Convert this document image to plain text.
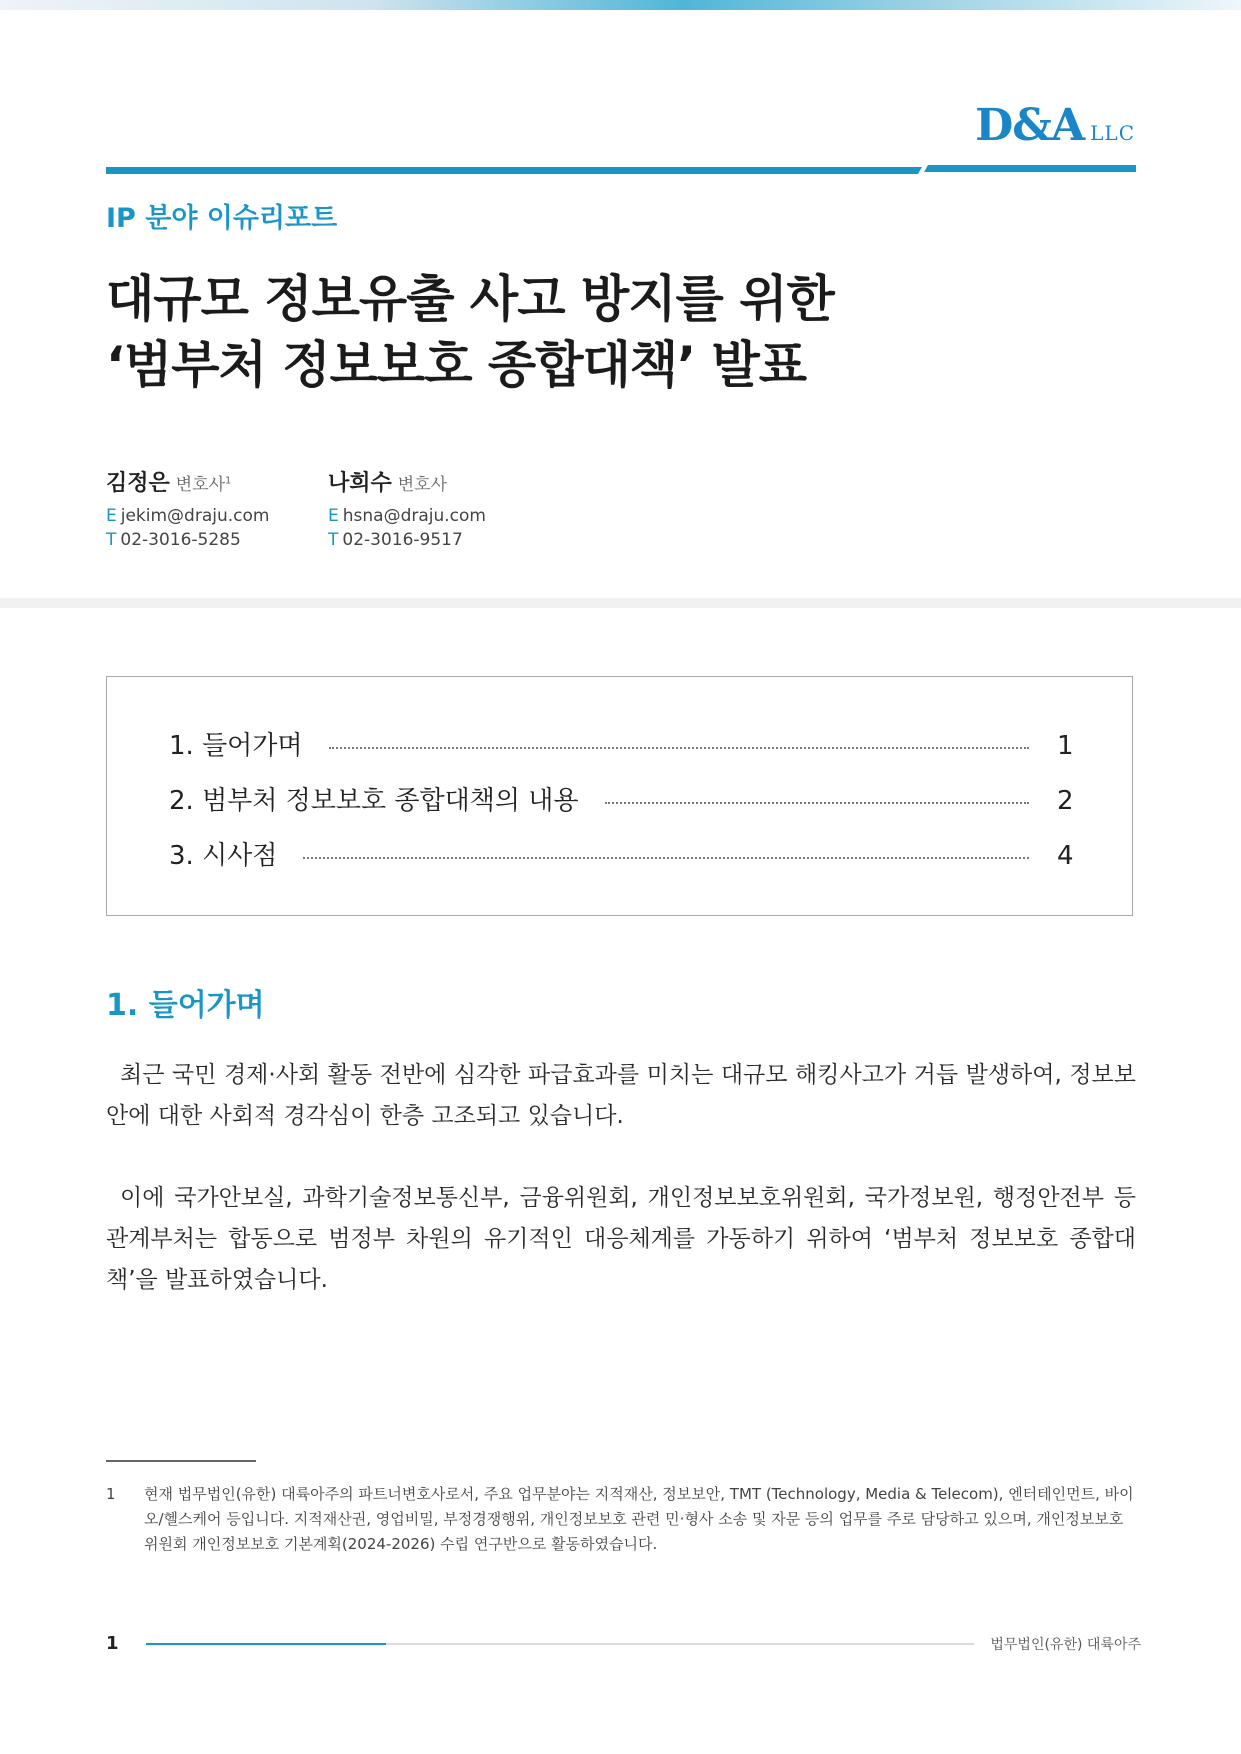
D&A LLC
IP 분야 이슈리포트
대규모 정보유출 사고 방지를 위한
‘범부처 정보보호 종합대책’ 발표
김정은 변호사$^1$
E jekim@draju.com
T 02-3016-5285
나희수 변호사
E hsna@draju.com
T 02-3016-9517
1. 들어가며	1
2. 범부처 정보보호 종합대책의 내용	2
3. 시사점	4
1. 들어가며
최근 국민 경제·사회 활동 전반에 심각한 파급효과를 미치는 대규모 해킹사고가 거듭 발생하여, 정보보안에 대한 사회적 경각심이 한층 고조되고 있습니다.
이에 국가안보실, 과학기술정보통신부, 금융위원회, 개인정보보호위원회, 국가정보원, 행정안전부 등 관계부처는 합동으로 범정부 차원의 유기적인 대응체계를 가동하기 위하여 ‘범부처 정보보호 종합대책’을 발표하였습니다.
1 현재 법무법인(유한) 대륙아주의 파트너변호사로서, 주요 업무분야는 지적재산, 정보보안, TMT (Technology, Media & Telecom), 엔터테인먼트, 바이오/헬스케어 등입니다. 지적재산권, 영업비밀, 부정경쟁행위, 개인정보보호 관련 민·형사 소송 및 자문 등의 업무를 주로 담당하고 있으며, 개인정보보호위원회 개인정보보호 기본계획(2024-2026) 수립 연구반으로 활동하였습니다.
1	법무법인(유한) 대륙아주
